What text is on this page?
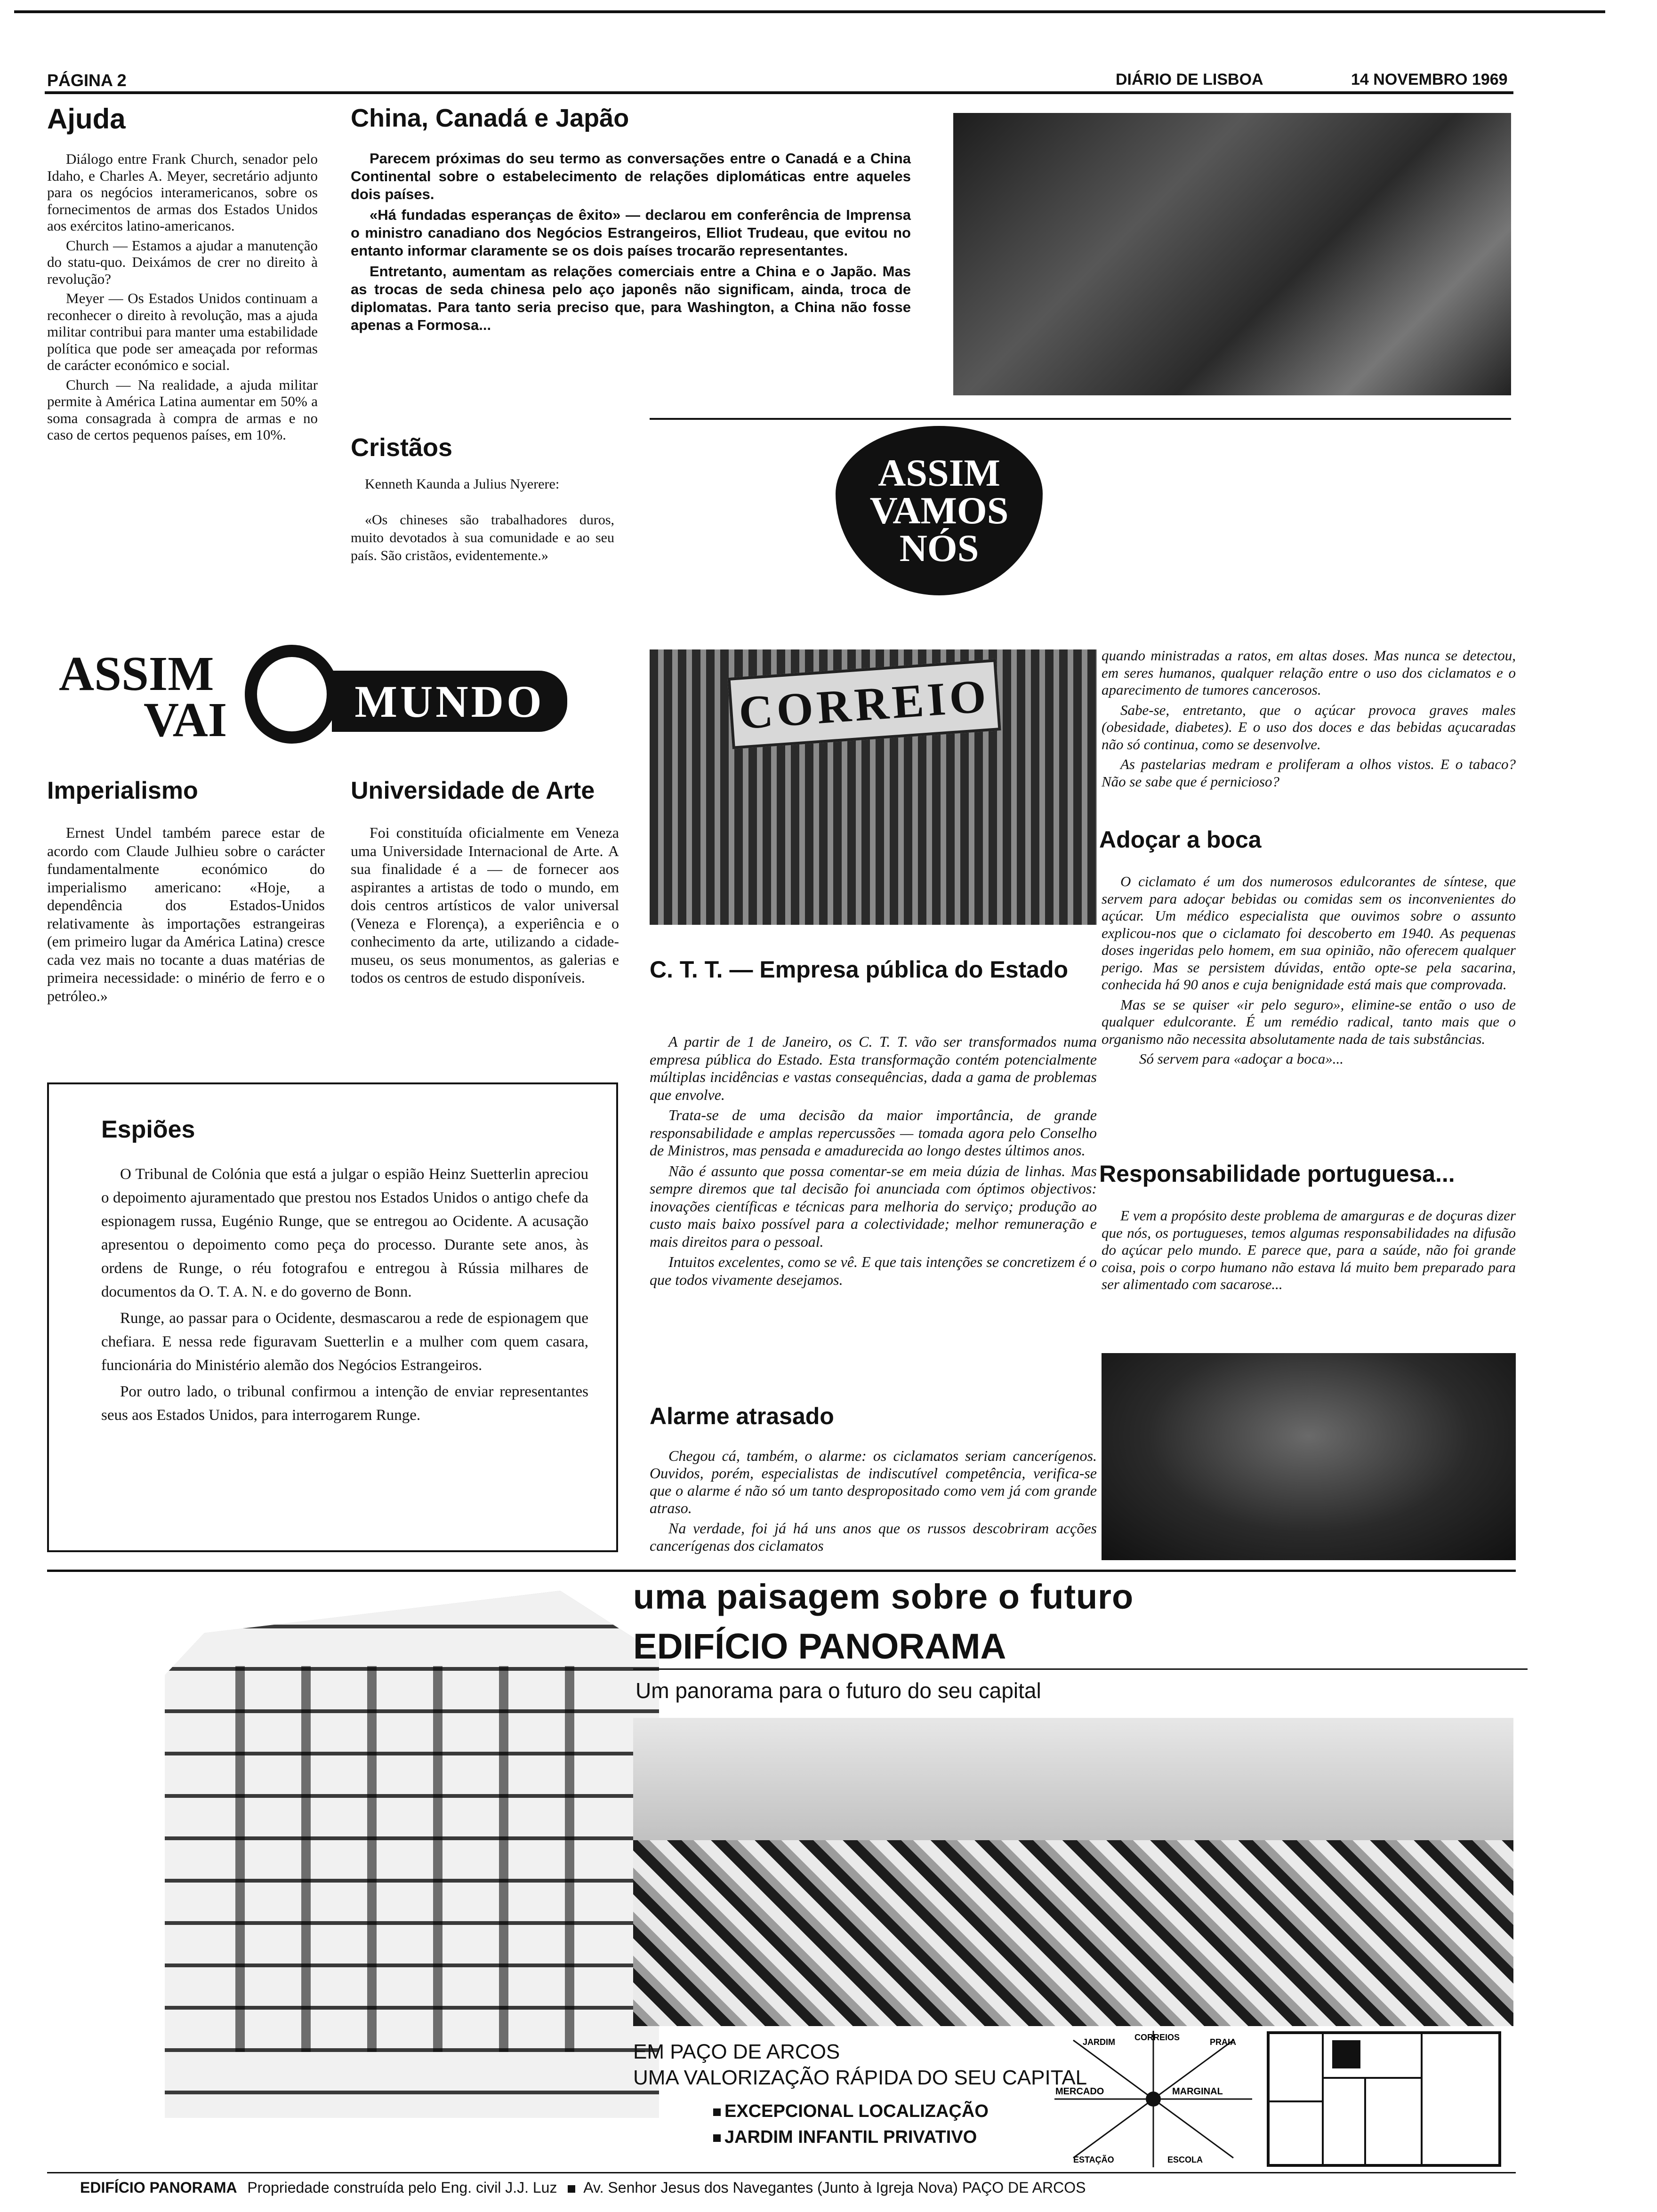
PÁGINA 2	DIÁRIO DE LISBOA	14 NOVEMBRO 1969
Ajuda

Diálogo entre Frank Church, senador pelo Idaho, e Charles A. Meyer, secretário adjunto para os negócios interamericanos, sobre os fornecimentos de armas dos Estados Unidos aos exércitos latino-americanos.

Church — Estamos a ajudar a manutenção do statu-quo. Deixámos de crer no direito à revolução?

Meyer — Os Estados Unidos continuam a reconhecer o direito à revolução, mas a ajuda militar contribui para manter uma estabilidade política que pode ser ameaçada por reformas de carácter económico e social.

Church — Na realidade, a ajuda militar permite à América Latina aumentar em 50% a soma consagrada à compra de armas e no caso de certos pequenos países, em 10%.

China, Canadá e Japão

Parecem próximas do seu termo as conversações entre o Canadá e a China Continental sobre o estabelecimento de relações diplomáticas entre aqueles dois países.

«Há fundadas esperanças de êxito» — declarou em conferência de Imprensa o ministro canadiano dos Negócios Estrangeiros, Elliot Trudeau, que evitou no entanto informar claramente se os dois países trocarão representantes.

Entretanto, aumentam as relações comerciais entre a China e o Japão. Mas as trocas de seda chinesa pelo aço japonês não significam, ainda, troca de diplomatas. Para tanto seria preciso que, para Washington, a China não fosse apenas a Formosa...

Cristãos
Kenneth Kaunda a Julius Nyerere:
«Os chineses são trabalhadores duros, muito devotados à sua comunidade e ao seu país. São cristãos, evidentemente.»
ASSIM
VAMOS
NÓS
ASSIM
VAI	MUNDO
Imperialismo

Ernest Undel também parece estar de acordo com Claude Julhieu sobre o carácter fundamentalmente económico do imperialismo americano: «Hoje, a dependência dos Estados-Unidos relativamente às importações estrangeiras (em primeiro lugar da América Latina) cresce cada vez mais no tocante a duas matérias de primeira necessidade: o minério de ferro e o petróleo.»

Universidade de Arte

Foi constituída oficialmente em Veneza uma Universidade Internacional de Arte. A sua finalidade é a — de fornecer aos aspirantes a artistas de todo o mundo, em dois centros artísticos de valor universal (Veneza e Florença), a experiência e o conhecimento da arte, utilizando a cidade-museu, os seus monumentos, as galerias e todos os centros de estudo disponíveis.

Espiões

O Tribunal de Colónia que está a julgar o espião Heinz Suetterlin apreciou o depoimento ajuramentado que prestou nos Estados Unidos o antigo chefe da espionagem russa, Eugénio Runge, que se entregou ao Ocidente. A acusação apresentou o depoimento como peça do processo. Durante sete anos, às ordens de Runge, o réu fotografou e entregou à Rússia milhares de documentos da O. T. A. N. e do governo de Bonn.

Runge, ao passar para o Ocidente, desmascarou a rede de espionagem que chefiara. E nessa rede figuravam Suetterlin e a mulher com quem casara, funcionária do Ministério alemão dos Negócios Estrangeiros.

Por outro lado, o tribunal confirmou a intenção de enviar representantes seus aos Estados Unidos, para interrogarem Runge.

CORREIO
C. T. T. — Empresa pública do Estado

A partir de 1 de Janeiro, os C. T. T. vão ser transformados numa empresa pública do Estado. Esta transformação contém potencialmente múltiplas incidências e vastas consequências, dada a gama de problemas que envolve.

Trata-se de uma decisão da maior importância, de grande responsabilidade e amplas repercussões — tomada agora pelo Conselho de Ministros, mas pensada e amadurecida ao longo destes últimos anos.

Não é assunto que possa comentar-se em meia dúzia de linhas. Mas sempre diremos que tal decisão foi anunciada com óptimos objectivos: inovações científicas e técnicas para melhoria do serviço; produção ao custo mais baixo possível para a colectividade; melhor remuneração e mais direitos para o pessoal.

Intuitos excelentes, como se vê. E que tais intenções se concretizem é o que todos vivamente desejamos.

Alarme atrasado

Chegou cá, também, o alarme: os ciclamatos seriam cancerígenos. Ouvidos, porém, especialistas de indiscutível competência, verifica-se que o alarme é não só um tanto despropositado como vem já com grande atraso.

Na verdade, foi já há uns anos que os russos descobriram acções cancerígenas dos ciclamatos

quando ministradas a ratos, em altas doses. Mas nunca se detectou, em seres humanos, qualquer relação entre o uso dos ciclamatos e o aparecimento de tumores cancerosos.

Sabe-se, entretanto, que o açúcar provoca graves males (obesidade, diabetes). E o uso dos doces e das bebidas açucaradas não só continua, como se desenvolve.

As pastelarias medram e proliferam a olhos vistos. E o tabaco? Não se sabe que é pernicioso?

Adoçar a boca

O ciclamato é um dos numerosos edulcorantes de síntese, que servem para adoçar bebidas ou comidas sem os inconvenientes do açúcar. Um médico especialista que ouvimos sobre o assunto explicou-nos que o ciclamato foi descoberto em 1940. As pequenas doses ingeridas pelo homem, em sua opinião, não oferecem qualquer perigo. Mas se persistem dúvidas, então opte-se pela sacarina, conhecida há 90 anos e cuja benignidade está mais que comprovada.

Mas se se quiser «ir pelo seguro», elimine-se então o uso de qualquer edulcorante. É um remédio radical, tanto mais que o organismo não necessita absolutamente nada de tais substâncias.

Só servem para «adoçar a boca»...

Responsabilidade portuguesa...

E vem a propósito deste problema de amarguras e de doçuras dizer que nós, os portugueses, temos algumas responsabilidades na difusão do açúcar pelo mundo. E parece que, para a saúde, não foi grande coisa, pois o corpo humano não estava lá muito bem preparado para ser alimentado com sacarose...

uma paisagem sobre o futuro
EDIFÍCIO PANORAMA
Um panorama para o futuro do seu capital
EM PAÇO DE ARCOS
UMA VALORIZAÇÃO RÁPIDA DO SEU CAPITAL
EXCEPCIONAL LOCALIZAÇÃO
JARDIM INFANTIL PRIVATIVO
MERCADO	MARGINAL
JARDIM CORREIOS	PRAIA
ESTAÇÃO	ESCOLA
EDIFÍCIO PANORAMA Propriedade construída pelo Eng. civil J.J. Luz Av. Senhor Jesus dos Navegantes (Junto à Igreja Nova) PAÇO DE ARCOS
